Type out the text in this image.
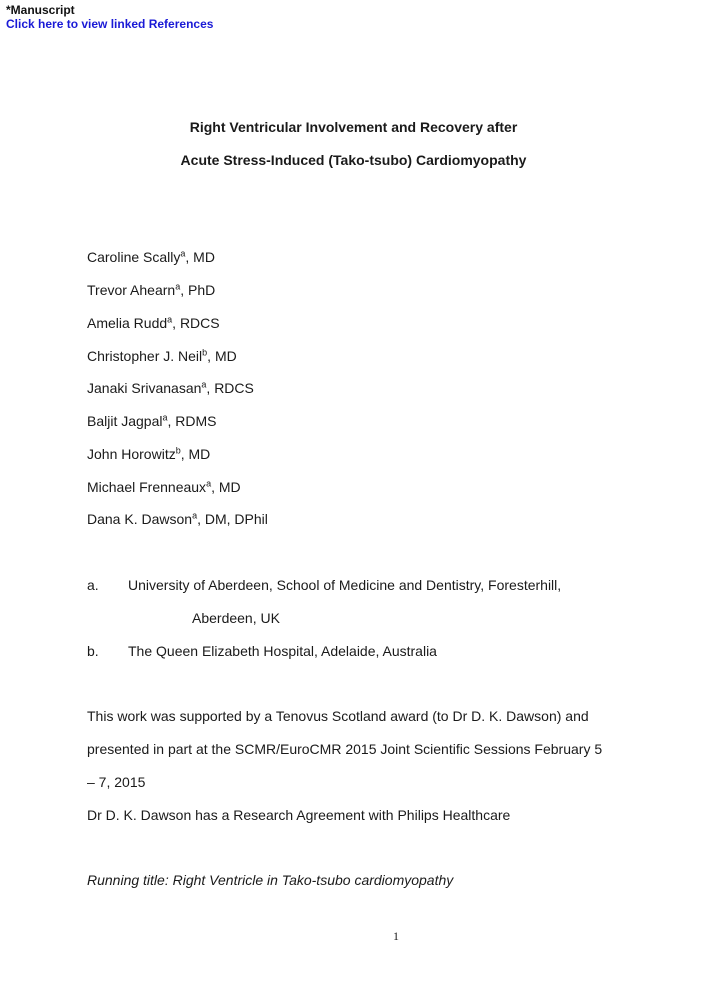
*Manuscript
Click here to view linked References
Right Ventricular Involvement and Recovery after
Acute Stress-Induced (Tako-tsubo) Cardiomyopathy
Caroline Scally$^a$, MD
Trevor Ahearn$^a$, PhD
Amelia Rudd$^a$, RDCS
Christopher J. Neil$^b$, MD
Janaki Srivanasan$^a$, RDCS
Baljit Jagpal$^a$, RDMS
John Horowitz$^b$, MD
Michael Frenneaux$^a$, MD
Dana K. Dawson$^a$, DM, DPhil
a. University of Aberdeen, School of Medicine and Dentistry, Foresterhill,
Aberdeen, UK
b. The Queen Elizabeth Hospital, Adelaide, Australia
This work was supported by a Tenovus Scotland award (to Dr D. K. Dawson) and
presented in part at the SCMR/EuroCMR 2015 Joint Scientific Sessions February 5
– 7, 2015
Dr D. K. Dawson has a Research Agreement with Philips Healthcare
Running title: Right Ventricle in Tako-tsubo cardiomyopathy
1
